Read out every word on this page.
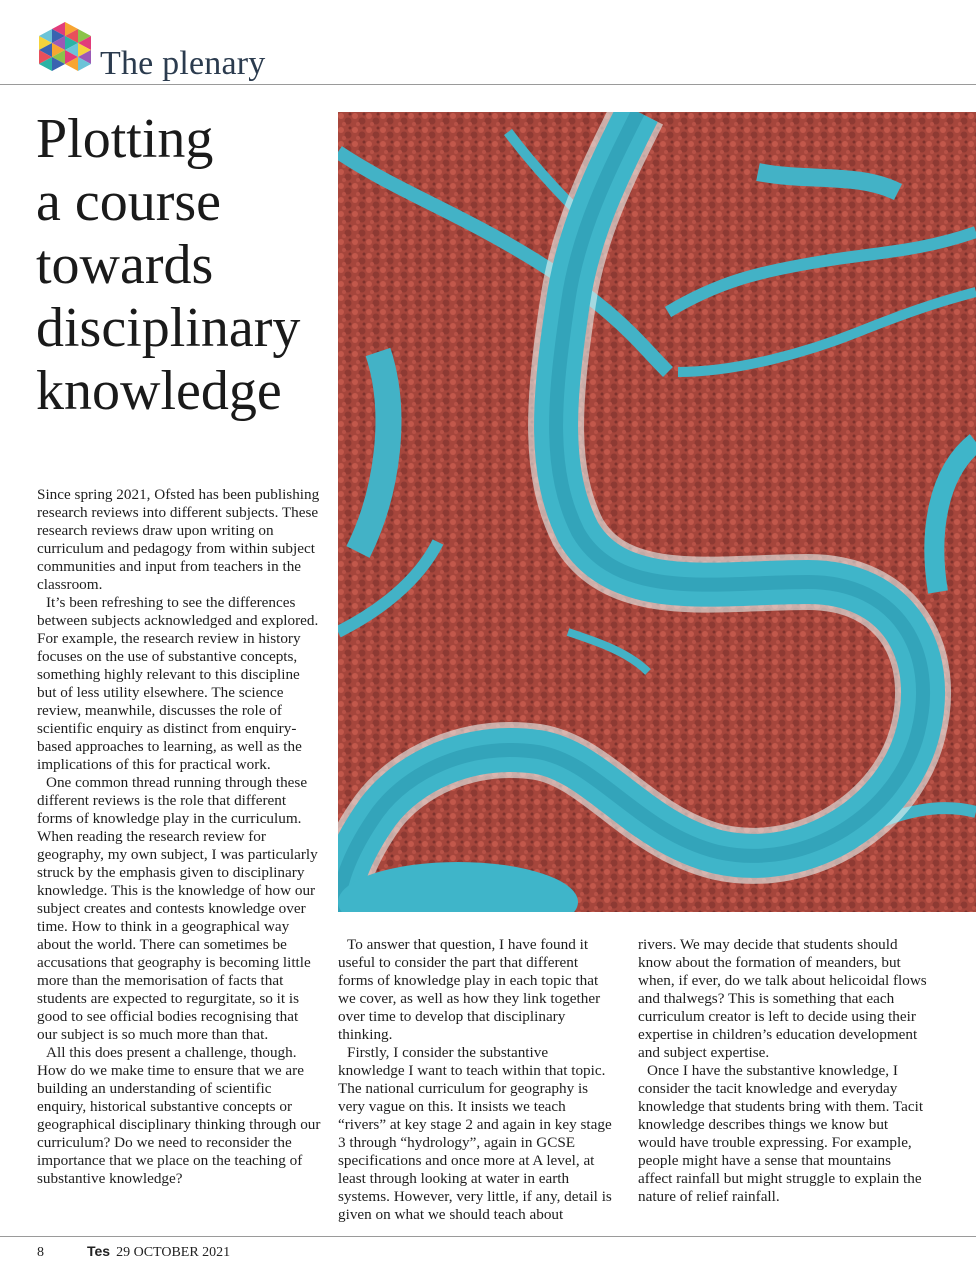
The plenary
Plotting
a course
towards
disciplinary
knowledge

Since spring 2021, Ofsted has been publishing research reviews into different subjects. These research reviews draw upon writing on curriculum and pedagogy from within subject communities and input from teachers in the classroom.

It’s been refreshing to see the differences between subjects acknowledged and explored. For example, the research review in history focuses on the use of substantive concepts, something highly relevant to this discipline but of less utility elsewhere. The science review, meanwhile, discusses the role of scientific enquiry as distinct from enquiry-based approaches to learning, as well as the implications of this for practical work.

One common thread running through these different reviews is the role that different forms of knowledge play in the curriculum. When reading the research review for geography, my own subject, I was particularly struck by the emphasis given to disciplinary knowledge. This is the knowledge of how our subject creates and contests knowledge over time. How to think in a geographical way about the world. There can sometimes be accusations that geography is becoming little more than the memorisation of facts that students are expected to regurgitate, so it is good to see official bodies recognising that our subject is so much more than that.

All this does present a challenge, though. How do we make time to ensure that we are building an understanding of scientific enquiry, historical substantive concepts or geographical disciplinary thinking through our curriculum? Do we need to reconsider the importance that we place on the teaching of substantive knowledge?

To answer that question, I have found it useful to consider the part that different forms of knowledge play in each topic that we cover, as well as how they link together over time to develop that disciplinary thinking.

Firstly, I consider the substantive knowledge I want to teach within that topic. The national curriculum for geography is very vague on this. It insists we teach “rivers” at key stage 2 and again in key stage 3 through “hydrology”, again in GCSE specifications and once more at A level, at least through looking at water in earth systems. However, very little, if any, detail is given on what we should teach about

rivers. We may decide that students should know about the formation of meanders, but when, if ever, do we talk about helicoidal flows and thalwegs? This is something that each curriculum creator is left to decide using their expertise in children’s education development and subject expertise.

Once I have the substantive knowledge, I consider the tacit knowledge and everyday knowledge that students bring with them. Tacit knowledge describes things we know but would have trouble expressing. For example, people might have a sense that mountains affect rainfall but might struggle to explain the nature of relief rainfall.

8	Tes 29 OCTOBER 2021
